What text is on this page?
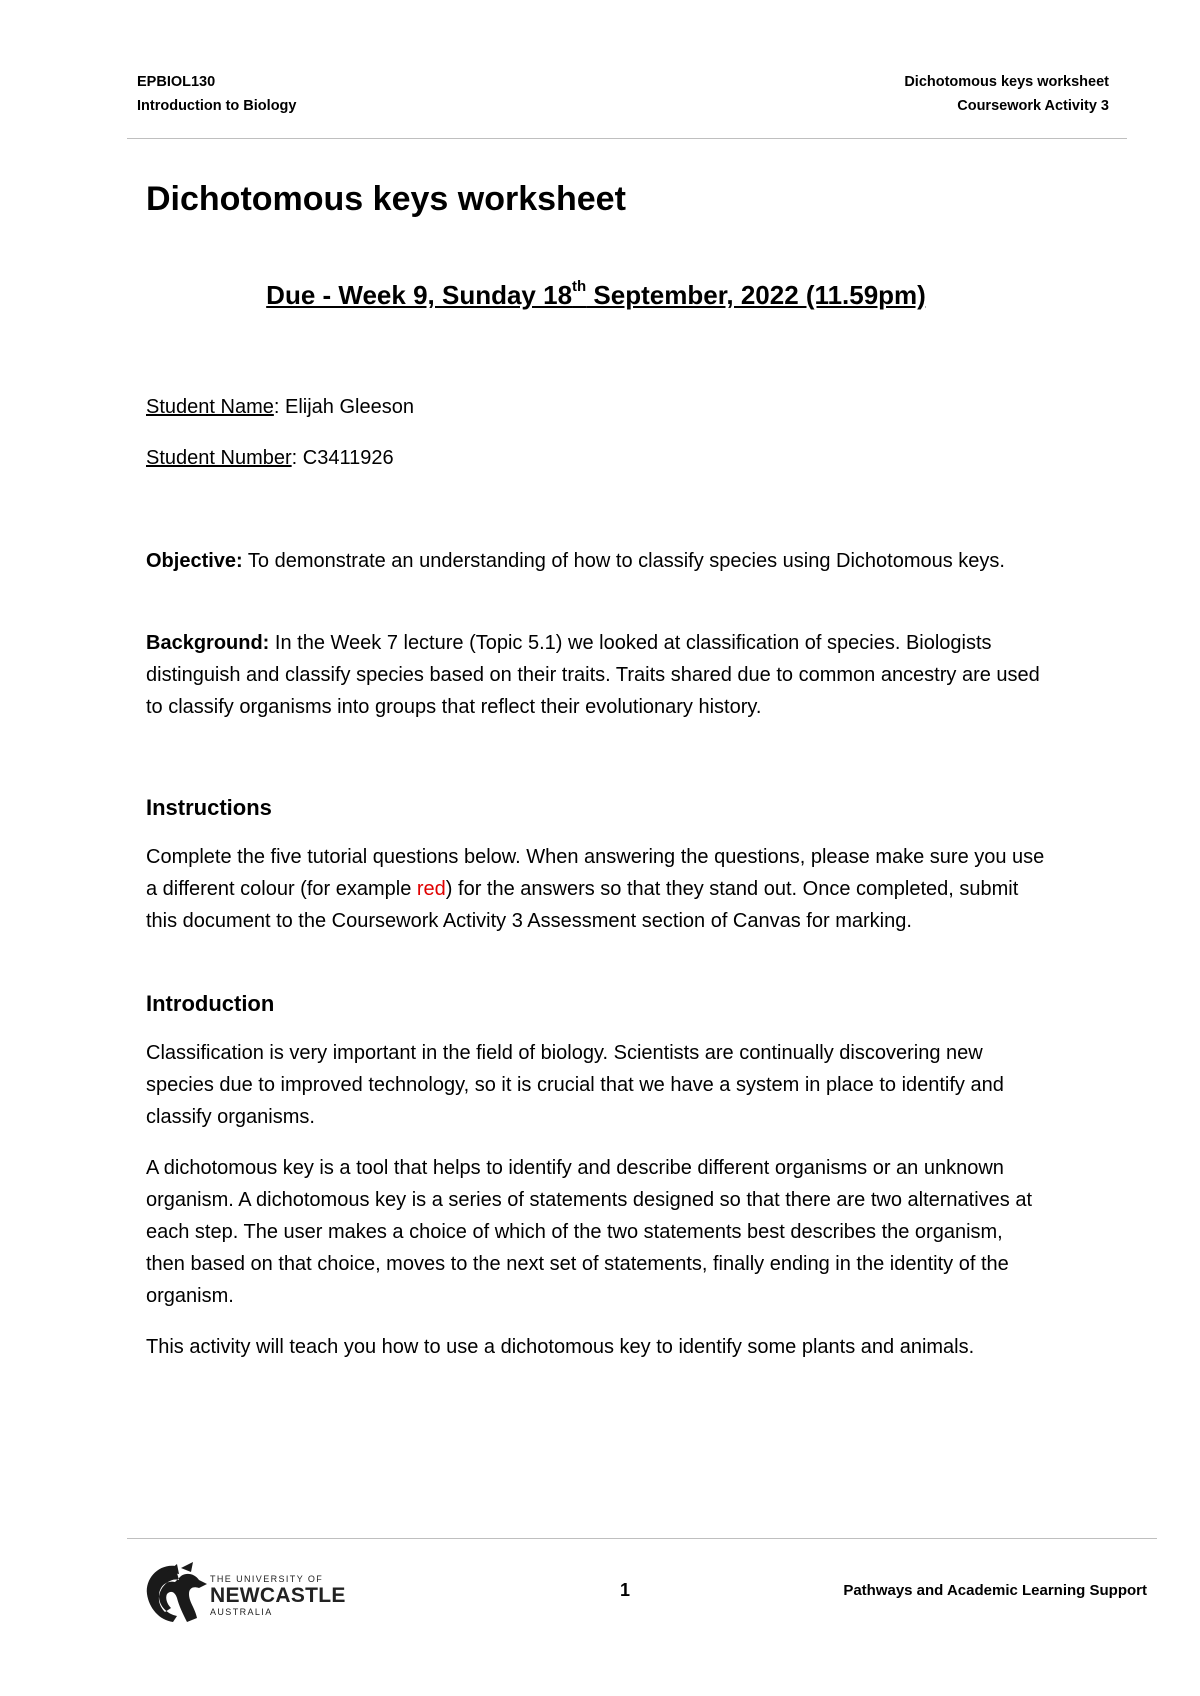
EPBIOL130
Introduction to Biology
Dichotomous keys worksheet
Coursework Activity 3
Dichotomous keys worksheet

Due - Week 9, Sunday 18th September, 2022 (11.59pm)

Student Name: Elijah Gleeson
Student Number: C3411926

Objective: To demonstrate an understanding of how to classify species using Dichotomous keys.

Background: In the Week 7 lecture (Topic 5.1) we looked at classification of species. Biologists distinguish and classify species based on their traits. Traits shared due to common ancestry are used to classify organisms into groups that reflect their evolutionary history.

Instructions

Complete the five tutorial questions below. When answering the questions, please make sure you use a different colour (for example red) for the answers so that they stand out. Once completed, submit this document to the Coursework Activity 3 Assessment section of Canvas for marking.

Introduction

Classification is very important in the field of biology. Scientists are continually discovering new species due to improved technology, so it is crucial that we have a system in place to identify and classify organisms.

A dichotomous key is a tool that helps to identify and describe different organisms or an unknown organism. A dichotomous key is a series of statements designed so that there are two alternatives at each step. The user makes a choice of which of the two statements best describes the organism, then based on that choice, moves to the next set of statements, finally ending in the identity of the organism.

This activity will teach you how to use a dichotomous key to identify some plants and animals.

THE UNIVERSITY OF
NEWCASTLE
AUSTRALIA
1	Pathways and Academic Learning Support
